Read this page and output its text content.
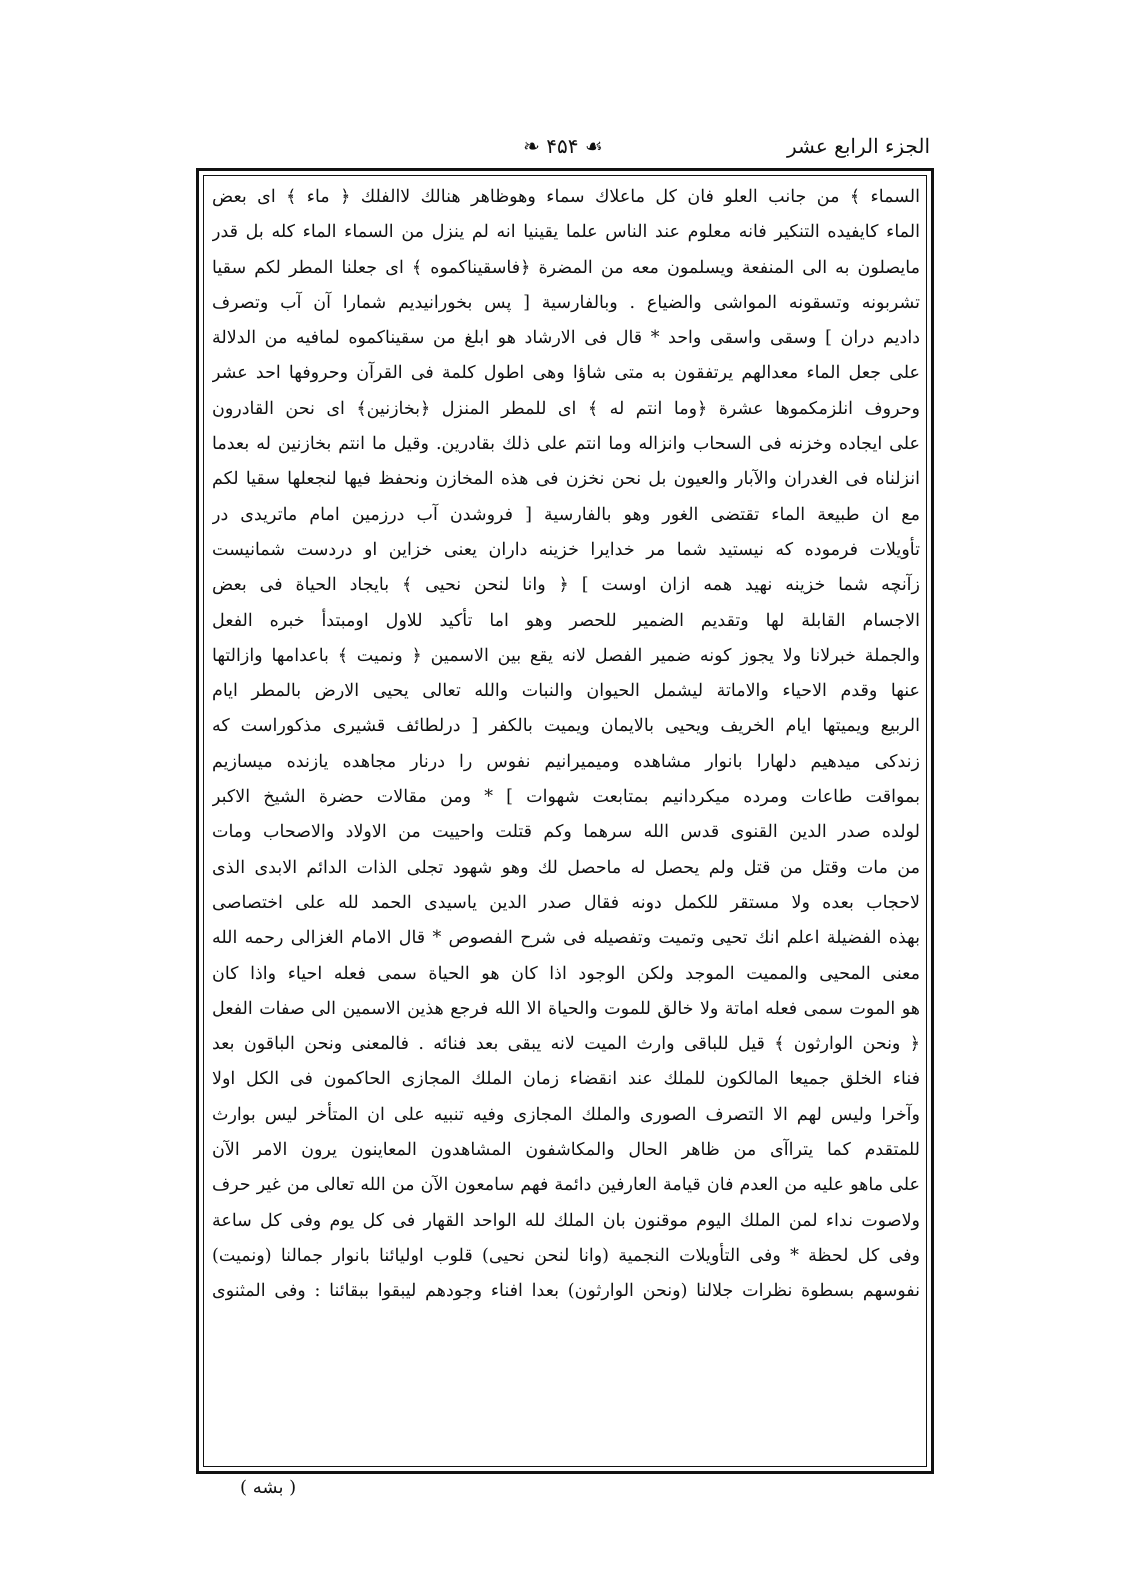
الجزء الرابع عشر
❧ ۴۵۴ ☙
السماء ﴾ من جانب العلو فان كل ماعلاك سماء وهوظاهر هنالك لاالفلك ﴿ ماء ﴾ اى بعض
الماء كايفيده التنكير فانه معلوم عند الناس علما يقينيا انه لم ينزل من السماء الماء كله بل قدر
مايصلون به الى المنفعة ويسلمون معه من المضرة ﴿فاسقيناكموه ﴾ اى جعلنا المطر لكم سقيا
تشربونه وتسقونه المواشى والضياع . وبالفارسية [ پس بخورانيديم شمارا آن آب وتصرف
داديم دران ] وسقى واسقى واحد * قال فى الارشاد هو ابلغ من سقيناكموه لمافيه من الدلالة
على جعل الماء معدالهم يرتفقون به متى شاؤا وهى اطول كلمة فى القرآن وحروفها احد عشر
وحروف انلزمكموها عشرة ﴿وما انتم له ﴾ اى للمطر المنزل ﴿بخازنين﴾ اى نحن القادرون
على ايجاده وخزنه فى السحاب وانزاله وما انتم على ذلك بقادرين. وقيل ما انتم بخازنين له بعدما
انزلناه فى الغدران والآبار والعيون بل نحن نخزن فى هذه المخازن ونحفظ فيها لنجعلها سقيا لكم
مع ان طبيعة الماء تقتضى الغور وهو بالفارسية [ فروشدن آب درزمين امام ماتريدى در
تأويلات فرموده كه نيستيد شما مر خدايرا خزينه داران يعنى خزاين او دردست شمانيست
زآنچه شما خزينه نهيد همه ازان اوست ] ﴿ وانا لنحن نحيى ﴾ بايجاد الحياة فى بعض
الاجسام القابلة لها وتقديم الضمير للحصر وهو اما تأكيد للاول اومبتدأ خبره الفعل
والجملة خبرلانا ولا يجوز كونه ضمير الفصل لانه يقع بين الاسمين ﴿ ونميت ﴾ باعدامها وازالتها
عنها وقدم الاحياء والاماتة ليشمل الحيوان والنبات والله تعالى يحيى الارض بالمطر ايام
الربيع ويميتها ايام الخريف ويحيى بالايمان ويميت بالكفر [ درلطائف قشيرى مذكوراست كه
زندكى ميدهيم دلهارا بانوار مشاهده وميميرانيم نفوس را درنار مجاهده يازنده ميسازيم
بمواقت طاعات ومرده ميكردانيم بمتابعت شهوات ] * ومن مقالات حضرة الشيخ الاكبر
لولده صدر الدين القنوى قدس الله سرهما وكم قتلت واحييت من الاولاد والاصحاب ومات
من مات وقتل من قتل ولم يحصل له ماحصل لك وهو شهود تجلى الذات الدائم الابدى الذى
لاحجاب بعده ولا مستقر للكمل دونه فقال صدر الدين ياسيدى الحمد لله على اختصاصى
بهذه الفضيلة اعلم انك تحيى وتميت وتفصيله فى شرح الفصوص * قال الامام الغزالى رحمه الله
معنى المحيى والمميت الموجد ولكن الوجود اذا كان هو الحياة سمى فعله احياء واذا كان
هو الموت سمى فعله اماتة ولا خالق للموت والحياة الا الله فرجع هذين الاسمين الى صفات الفعل
﴿ ونحن الوارثون ﴾ قيل للباقى وارث الميت لانه يبقى بعد فنائه . فالمعنى ونحن الباقون بعد
فناء الخلق جميعا المالكون للملك عند انقضاء زمان الملك المجازى الحاكمون فى الكل اولا
وآخرا وليس لهم الا التصرف الصورى والملك المجازى وفيه تنبيه على ان المتأخر ليس بوارث
للمتقدم كما يتراآى من ظاهر الحال والمكاشفون المشاهدون المعاينون يرون الامر الآن
على ماهو عليه من العدم فان قيامة العارفين دائمة فهم سامعون الآن من الله تعالى من غير حرف
ولاصوت نداء لمن الملك اليوم موقنون بان الملك لله الواحد القهار فى كل يوم وفى كل ساعة
وفى كل لحظة * وفى التأويلات النجمية (وانا لنحن نحيى) قلوب اوليائنا بانوار جمالنا (ونميت)
نفوسهم بسطوة نظرات جلالنا (ونحن الوارثون) بعدا افناء وجودهم ليبقوا ببقائنا : وفى المثنوى
( بشه )
